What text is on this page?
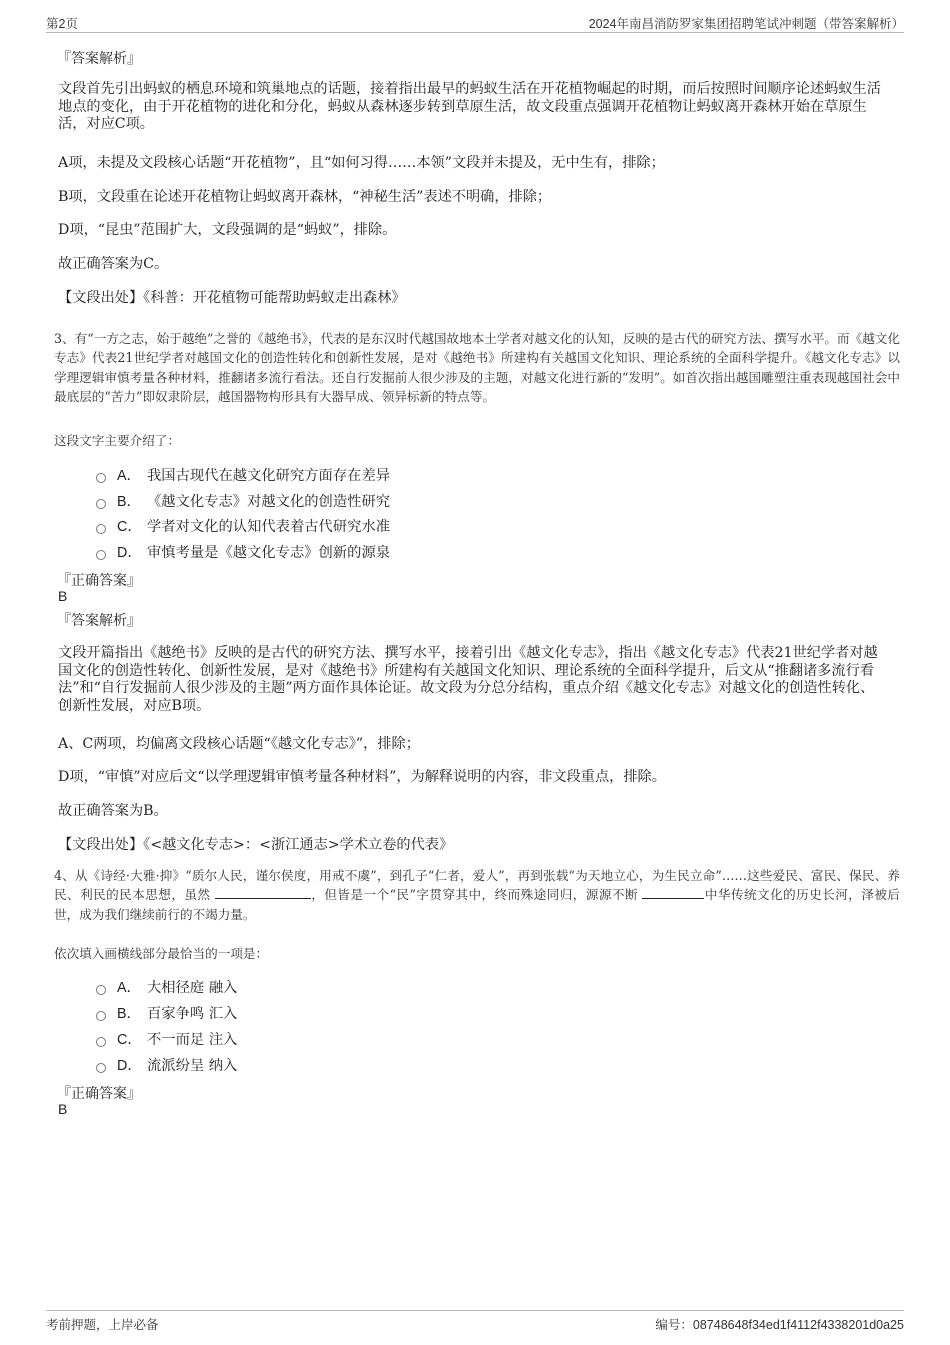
第2页	2024年南昌消防罗家集团招聘笔试冲刺题（带答案解析）
『答案解析』

文段首先引出蚂蚁的栖息环境和筑巢地点的话题，接着指出最早的蚂蚁生活在开花植物崛起的时期，而后按照时间顺序论述蚂蚁生活地点的变化，由于开花植物的进化和分化，蚂蚁从森林逐步转到草原生活，故文段重点强调开花植物让蚂蚁离开森林开始在草原生活，对应C项。

A项，未提及文段核心话题“开花植物”，且“如何习得……本领”文段并未提及，无中生有，排除；
B项，文段重在论述开花植物让蚂蚁离开森林，“神秘生活”表述不明确，排除；
D项，“昆虫”范围扩大，文段强调的是“蚂蚁”，排除。
故正确答案为C。
【文段出处】《科普：开花植物可能帮助蚂蚁走出森林》

3、有“一方之志，始于越绝”之誉的《越绝书》，代表的是东汉时代越国故地本土学者对越文化的认知，反映的是古代的研究方法、撰写水平。而《越文化专志》代表21世纪学者对越国文化的创造性转化和创新性发展，是对《越绝书》所建构有关越国文化知识、理论系统的全面科学提升。《越文化专志》以学理逻辑审慎考量各种材料，推翻诸多流行看法。还自行发掘前人很少涉及的主题，对越文化进行新的“发明”。如首次指出越国雕塑注重表现越国社会中最底层的“苦力”即奴隶阶层，越国器物构形具有大器早成、领异标新的特点等。

这段文字主要介绍了：
A． 我国古现代在越文化研究方面存在差异
B． 《越文化专志》对越文化的创造性研究
C． 学者对文化的认知代表着古代研究水准
D． 审慎考量是《越文化专志》创新的源泉
『正确答案』
B
『答案解析』

文段开篇指出《越绝书》反映的是古代的研究方法、撰写水平，接着引出《越文化专志》，指出《越文化专志》代表21世纪学者对越国文化的创造性转化、创新性发展，是对《越绝书》所建构有关越国文化知识、理论系统的全面科学提升，后文从“推翻诸多流行看法”和“自行发掘前人很少涉及的主题”两方面作具体论证。故文段为分总分结构，重点介绍《越文化专志》对越文化的创造性转化、创新性发展，对应B项。

A、C两项，均偏离文段核心话题“《越文化专志》”，排除；
D项，“审慎”对应后文“以学理逻辑审慎考量各种材料”，为解释说明的内容，非文段重点，排除。
故正确答案为B。
【文段出处】《<越文化专志>：<浙江通志>学术立卷的代表》

4、从《诗经·大雅·抑》“质尔人民，谨尔侯度，用戒不虞”，到孔子“仁者，爱人”，再到张载“为天地立心，为生民立命”……这些爱民、富民、保民、养民、利民的民本思想，虽然	，但皆是一个“民”字贯穿其中，终而殊途同归，源源不断	中华传统文化的历史长河，泽被后世，成为我们继续前行的不竭力量。

依次填入画横线部分最恰当的一项是：
A． 大相径庭 融入
B． 百家争鸣 汇入
C． 不一而足 注入
D． 流派纷呈 纳入
『正确答案』
B
考前押题，上岸必备	编号：08748648f34ed1f4112f4338201d0a25
